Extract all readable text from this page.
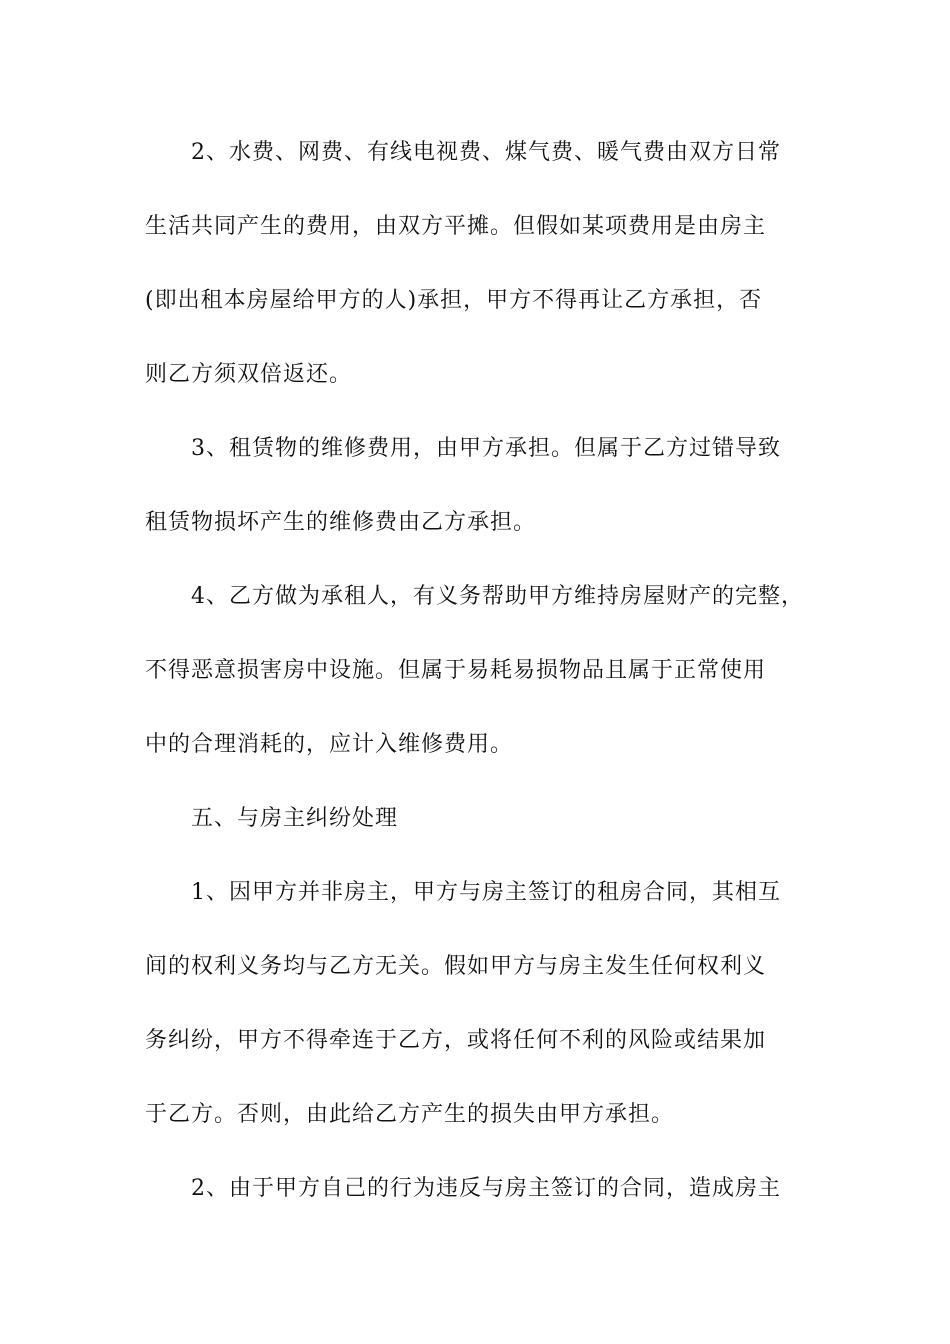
2、水费、网费、有线电视费、煤气费、暖气费由双方日常
生活共同产生的费用，由双方平摊。但假如某项费用是由房主
(即出租本房屋给甲方的人)承担，甲方不得再让乙方承担，否
则乙方须双倍返还。
3、租赁物的维修费用，由甲方承担。但属于乙方过错导致
租赁物损坏产生的维修费由乙方承担。
4、乙方做为承租人，有义务帮助甲方维持房屋财产的完整，
不得恶意损害房中设施。但属于易耗易损物品且属于正常使用
中的合理消耗的，应计入维修费用。
五、与房主纠纷处理
1、因甲方并非房主，甲方与房主签订的租房合同，其相互
间的权利义务均与乙方无关。假如甲方与房主发生任何权利义
务纠纷，甲方不得牵连于乙方，或将任何不利的风险或结果加
于乙方。否则，由此给乙方产生的损失由甲方承担。
2、由于甲方自己的行为违反与房主签订的合同，造成房主
